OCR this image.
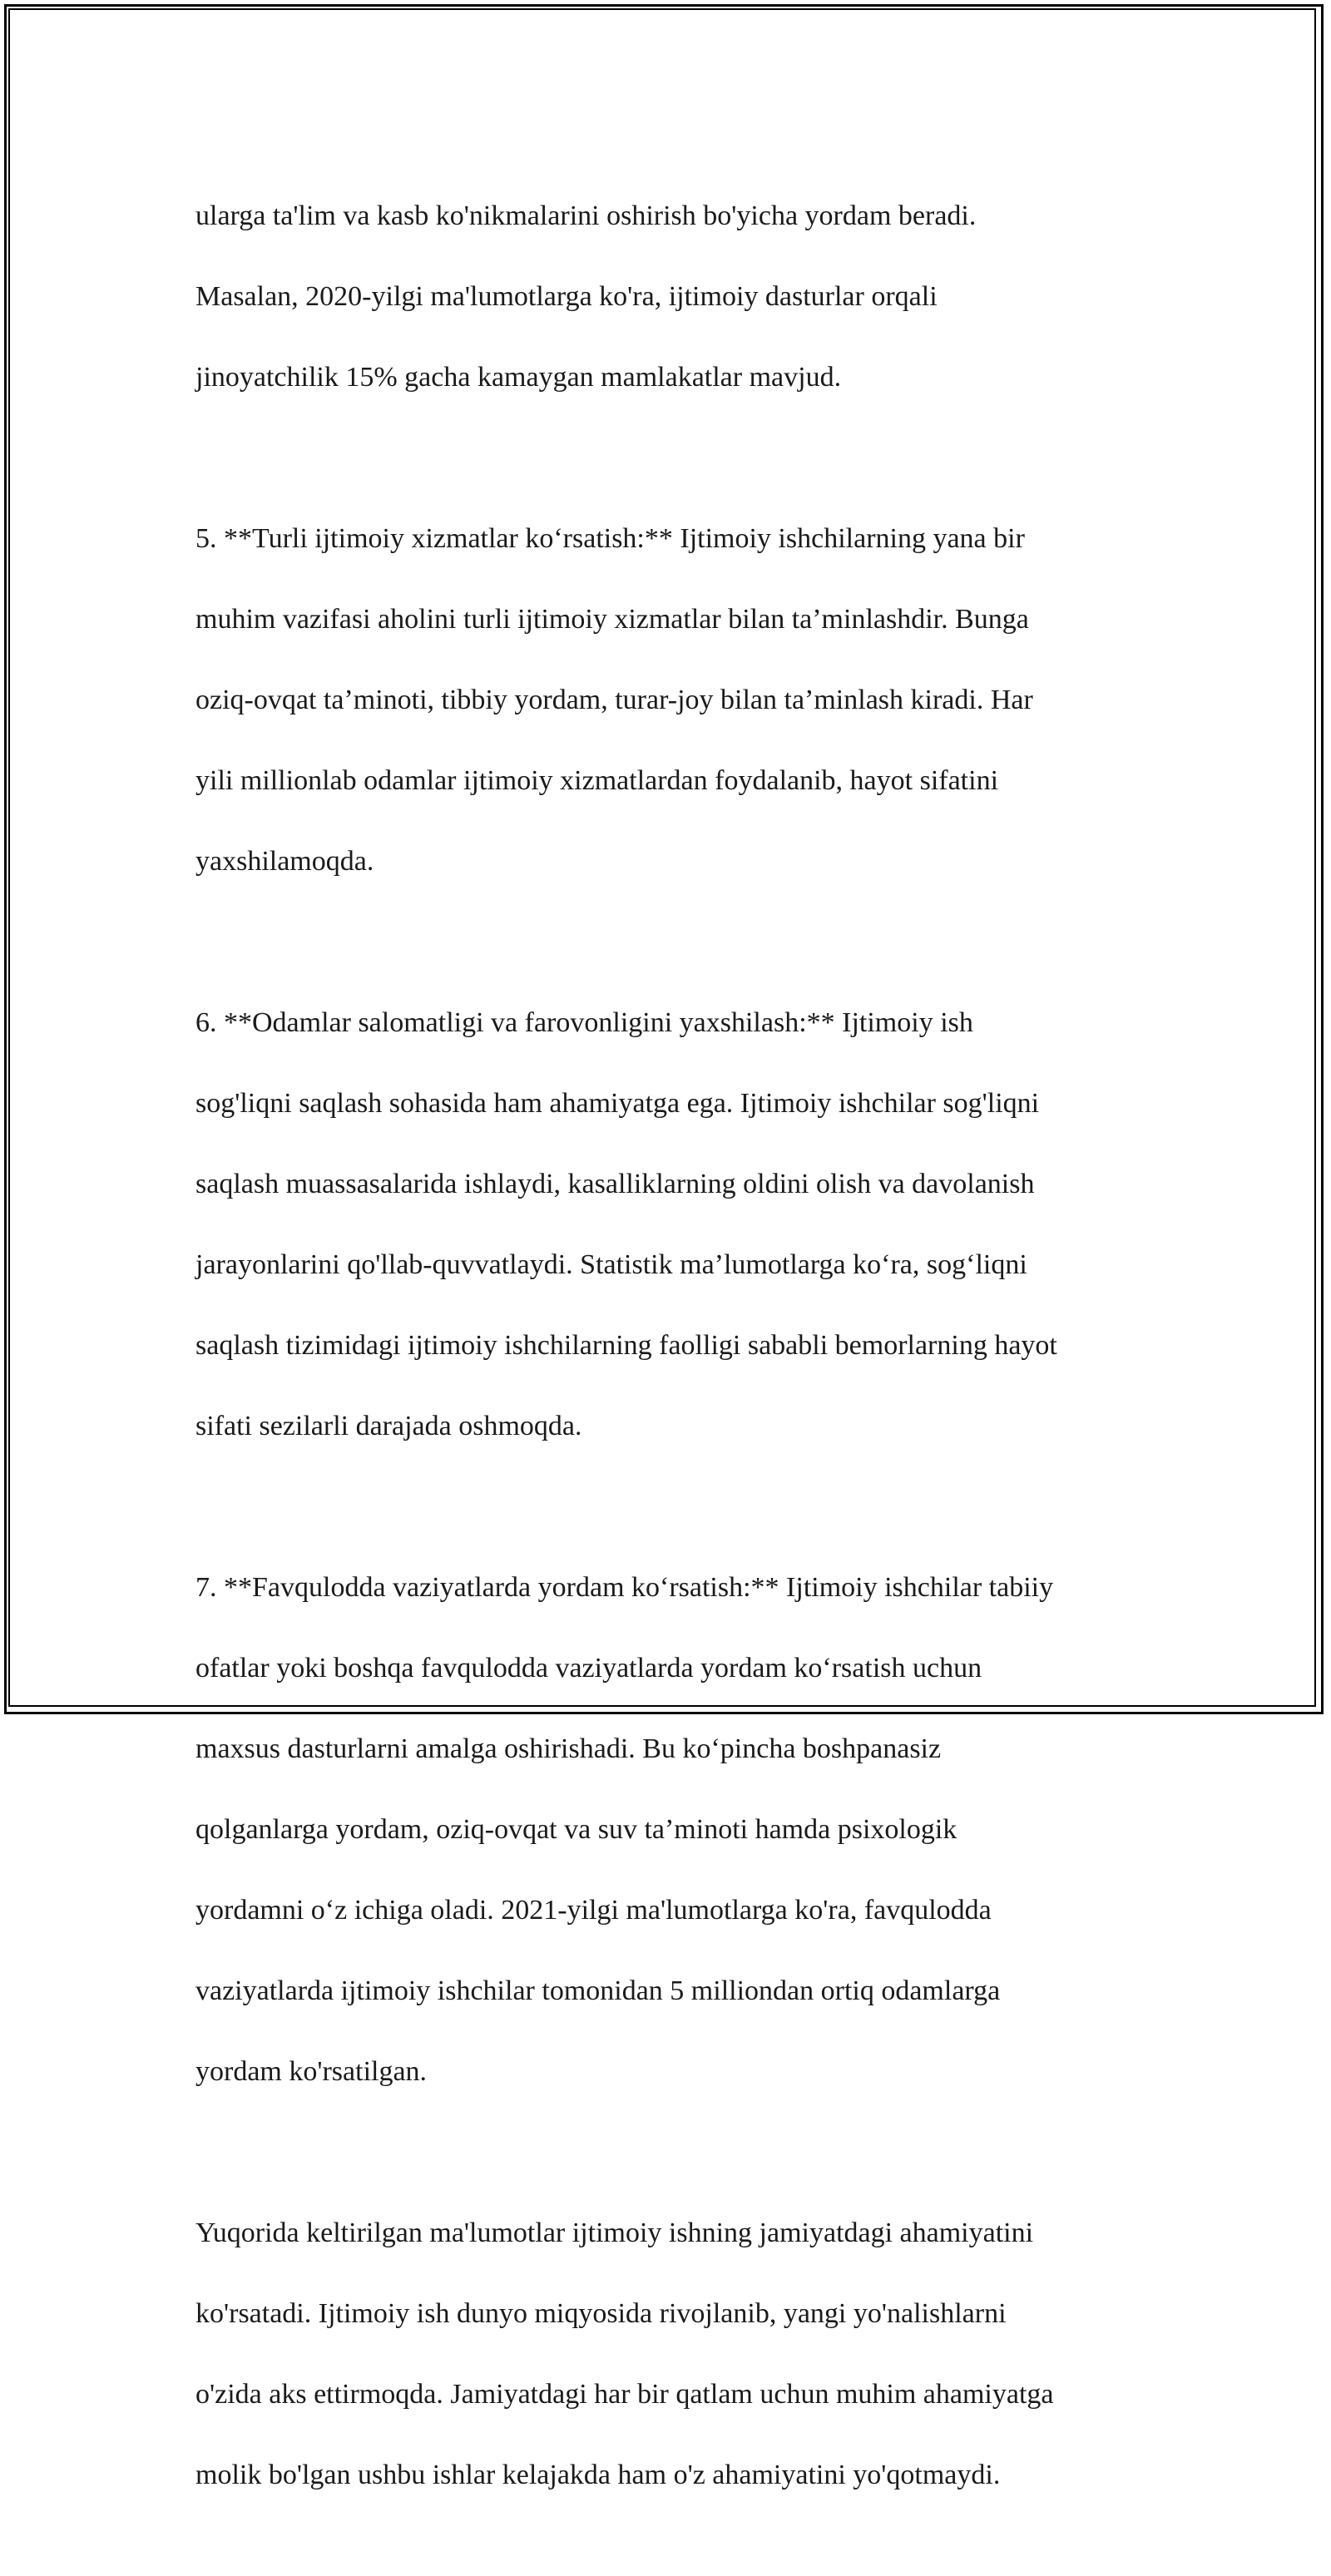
ularga ta'lim va kasb ko'nikmalarini oshirish bo'yicha yordam beradi.

Masalan, 2020-yilgi ma'lumotlarga ko'ra, ijtimoiy dasturlar orqali

jinoyatchilik 15% gacha kamaygan mamlakatlar mavjud.

5. **Turli ijtimoiy xizmatlar ko‘rsatish:** Ijtimoiy ishchilarning yana bir

muhim vazifasi aholini turli ijtimoiy xizmatlar bilan ta’minlashdir. Bunga

oziq-ovqat ta’minoti, tibbiy yordam, turar-joy bilan ta’minlash kiradi. Har

yili millionlab odamlar ijtimoiy xizmatlardan foydalanib, hayot sifatini

yaxshilamoqda.

6. **Odamlar salomatligi va farovonligini yaxshilash:** Ijtimoiy ish

sog'liqni saqlash sohasida ham ahamiyatga ega. Ijtimoiy ishchilar sog'liqni

saqlash muassasalarida ishlaydi, kasalliklarning oldini olish va davolanish

jarayonlarini qo'llab-quvvatlaydi. Statistik ma’lumotlarga ko‘ra, sog‘liqni

saqlash tizimidagi ijtimoiy ishchilarning faolligi sababli bemorlarning hayot

sifati sezilarli darajada oshmoqda.

7. **Favqulodda vaziyatlarda yordam ko‘rsatish:** Ijtimoiy ishchilar tabiiy

ofatlar yoki boshqa favqulodda vaziyatlarda yordam ko‘rsatish uchun

maxsus dasturlarni amalga oshirishadi. Bu ko‘pincha boshpanasiz

qolganlarga yordam, oziq-ovqat va suv ta’minoti hamda psixologik

yordamni o‘z ichiga oladi. 2021-yilgi ma'lumotlarga ko'ra, favqulodda

vaziyatlarda ijtimoiy ishchilar tomonidan 5 milliondan ortiq odamlarga

yordam ko'rsatilgan.

Yuqorida keltirilgan ma'lumotlar ijtimoiy ishning jamiyatdagi ahamiyatini

ko'rsatadi. Ijtimoiy ish dunyo miqyosida rivojlanib, yangi yo'nalishlarni

o'zida aks ettirmoqda. Jamiyatdagi har bir qatlam uchun muhim ahamiyatga

molik bo'lgan ushbu ishlar kelajakda ham o'z ahamiyatini yo'qotmaydi.
